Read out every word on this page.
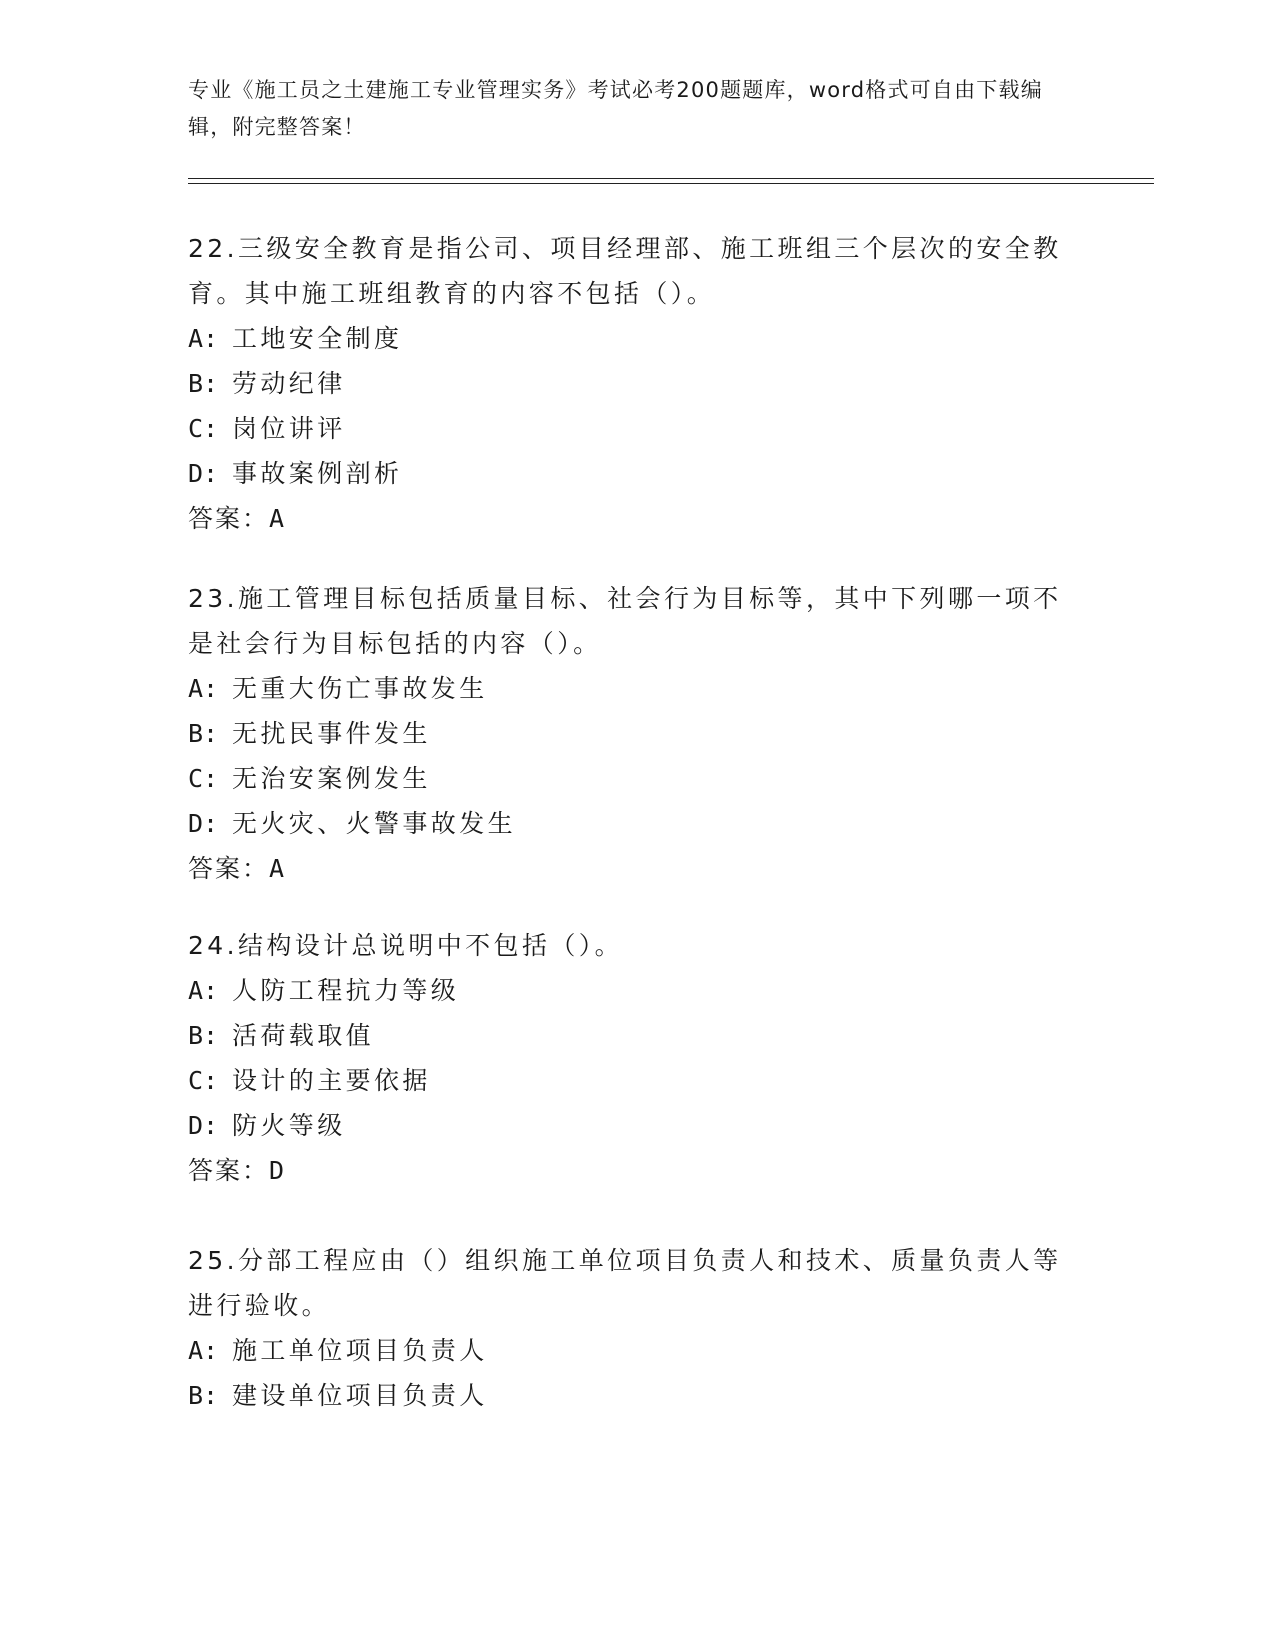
专业《施工员之土建施工专业管理实务》考试必考200题题库，word格式可自由下载编辑，附完整答案！

22.三级安全教育是指公司、项目经理部、施工班组三个层次的安全教育。其中施工班组教育的内容不包括（）。

A: 工地安全制度

B: 劳动纪律

C: 岗位讲评

D: 事故案例剖析

答案：A

23.施工管理目标包括质量目标、社会行为目标等，其中下列哪一项不是社会行为目标包括的内容（）。

A: 无重大伤亡事故发生

B: 无扰民事件发生

C: 无治安案例发生

D: 无火灾、火警事故发生

答案：A

24.结构设计总说明中不包括（）。

A: 人防工程抗力等级

B: 活荷载取值

C: 设计的主要依据

D: 防火等级

答案：D

25.分部工程应由（）组织施工单位项目负责人和技术、质量负责人等进行验收。

A: 施工单位项目负责人

B: 建设单位项目负责人
